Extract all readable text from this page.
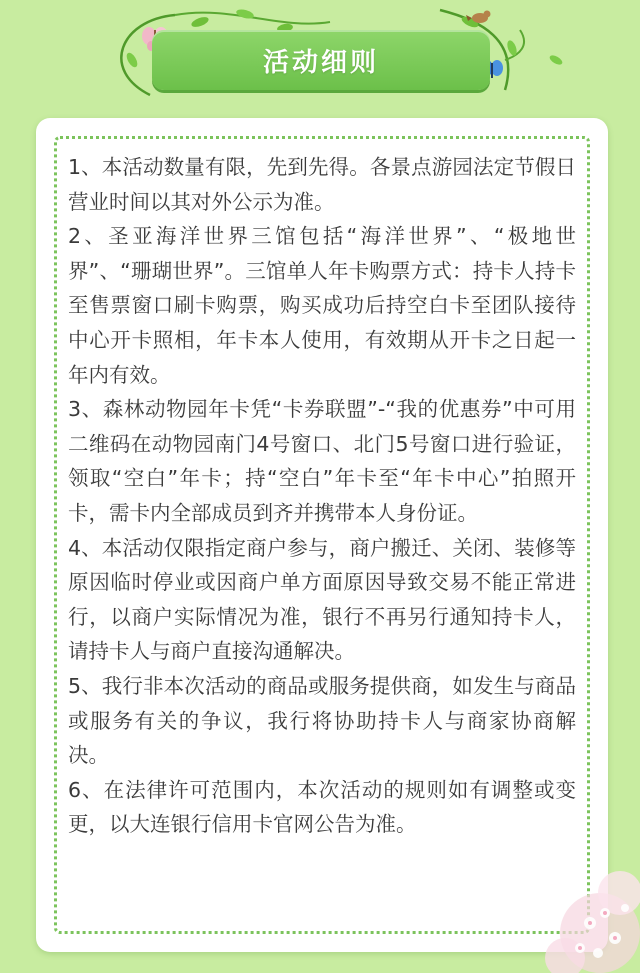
活动细则

1、本活动数量有限，先到先得。各景点游园法定节假日营业时间以其对外公示为准。

2、圣亚海洋世界三馆包括“海洋世界”、“极地世界”、“珊瑚世界”。三馆单人年卡购票方式：持卡人持卡至售票窗口刷卡购票，购买成功后持空白卡至团队接待中心开卡照相，年卡本人使用，有效期从开卡之日起一年内有效。

3、森林动物园年卡凭“卡券联盟”-“我的优惠券”中可用二维码在动物园南门4号窗口、北门5号窗口进行验证，领取“空白”年卡；持“空白”年卡至“年卡中心”拍照开卡，需卡内全部成员到齐并携带本人身份证。

4、本活动仅限指定商户参与，商户搬迁、关闭、装修等原因临时停业或因商户单方面原因导致交易不能正常进行，以商户实际情况为准，银行不再另行通知持卡人，请持卡人与商户直接沟通解决。

5、我行非本次活动的商品或服务提供商，如发生与商品或服务有关的争议，我行将协助持卡人与商家协商解决。

6、在法律许可范围内，本次活动的规则如有调整或变更，以大连银行信用卡官网公告为准。
